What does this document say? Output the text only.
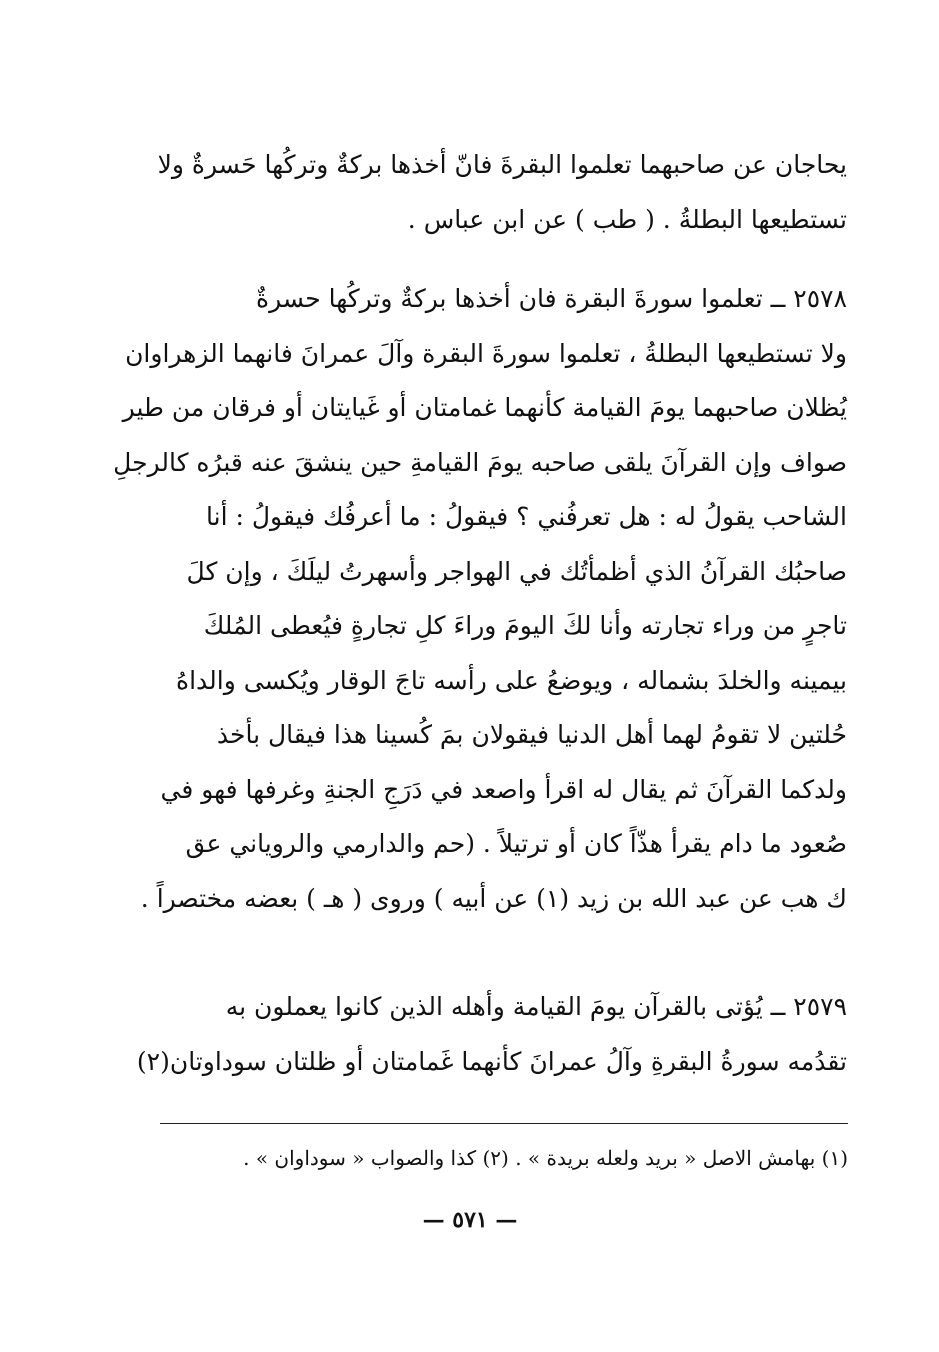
يحاجان عن صاحبهما تعلموا البقرةَ فانّ أخذها بركةٌ وتركُها حَسرةٌ ولا
تستطيعها البطلةُ . ( طب ) عن ابن عباس .
٢٥٧٨ ــ تعلموا سورةَ البقرة فان أخذها بركةٌ وتركُها حسرةٌ
ولا تستطيعها البطلةُ ، تعلموا سورةَ البقرة وآلَ عمرانَ فانهما الزهراوان
يُظلان صاحبهما يومَ القيامة كأنهما غمامتان أو غَيايتان أو فرقان من طير
صواف وإن القرآنَ يلقى صاحبه يومَ القيامةِ حين ينشقَ عنه قبرُه كالرجلِ
الشاحب يقولُ له : هل تعرفُني ؟ فيقولُ : ما أعرفُك فيقولُ : أنا
صاحبُك القرآنُ الذي أظمأتُك في الهواجر وأسهرتُ ليلَكَ ، وإن كلَ
تاجرٍ من وراء تجارته وأنا لكَ اليومَ وراءَ كلِ تجارةٍ فيُعطى المُلكَ
بيمينه والخلدَ بشماله ، ويوضعُ على رأسه تاجَ الوقار ويُكسى والداهُ
حُلتين لا تقومُ لهما أهل الدنيا فيقولان بمَ كُسينا هذا فيقال بأخذ
ولدكما القرآنَ ثم يقال له اقرأ واصعد في دَرَجِ الجنةِ وغرفها فهو في
صُعود ما دام يقرأ هذّاً كان أو ترتيلاً . (حم والدارمي والروياني عق
ك هب عن عبد الله بن زيد (١) عن أبيه ) وروى ( هـ ) بعضه مختصراً .
٢٥٧٩ ــ يُؤتى بالقرآن يومَ القيامة وأهله الذين كانوا يعملون به
تقدُمه سورةُ البقرةِ وآلُ عمرانَ كأنهما غَمامتان أو ظلتان سوداوتان(٢)
(١) بهامش الاصل « بريد ولعله بريدة » . (٢) كذا والصواب « سوداوان » .
— ٥٧١ —
